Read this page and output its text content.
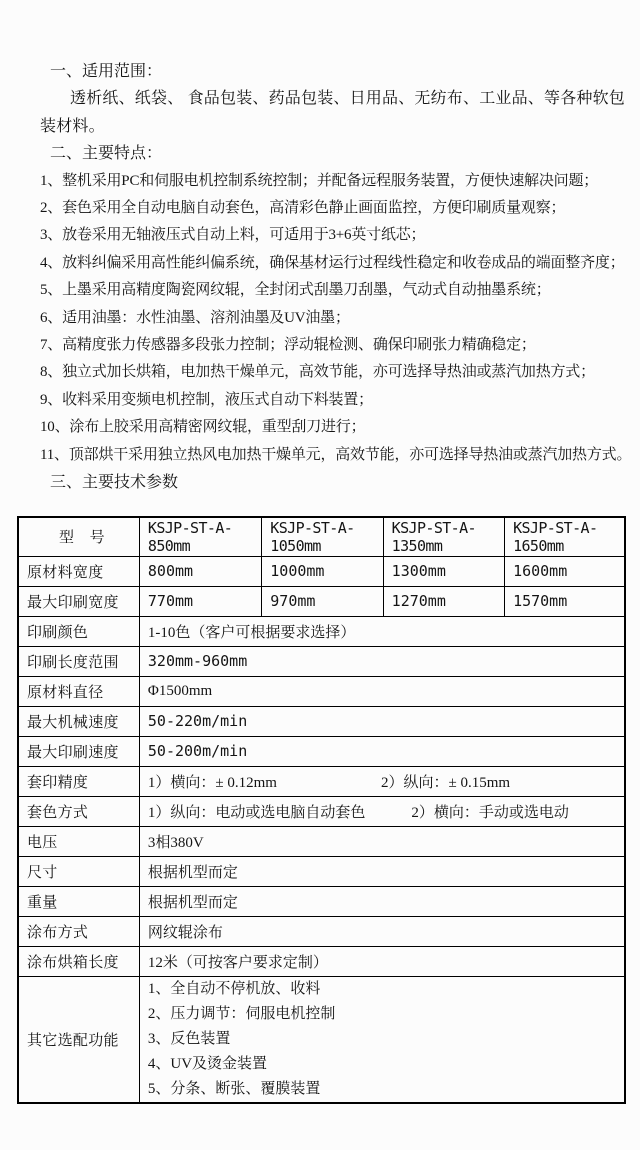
一、适用范围：

透析纸、纸袋、 食品包装、药品包装、日用品、无纺布、工业品、等各种软包装材料。

二、主要特点：
1、整机采用PC和伺服电机控制系统控制；并配备远程服务装置，方便快速解决问题；
2、套色采用全自动电脑自动套色，高清彩色静止画面监控，方便印刷质量观察；
3、放卷采用无轴液压式自动上料，可适用于3+6英寸纸芯；
4、放料纠偏采用高性能纠偏系统，确保基材运行过程线性稳定和收卷成品的端面整齐度；
5、上墨采用高精度陶瓷网纹辊，全封闭式刮墨刀刮墨，气动式自动抽墨系统；
6、适用油墨：水性油墨、溶剂油墨及UV油墨；
7、高精度张力传感器多段张力控制；浮动辊检测、确保印刷张力精确稳定；
8、独立式加长烘箱，电加热干燥单元，高效节能，亦可选择导热油或蒸汽加热方式；
9、收料采用变频电机控制，液压式自动下料装置；
10、涂布上胶采用高精密网纹辊，重型刮刀进行；
11、顶部烘干采用独立热风电加热干燥单元，高效节能，亦可选择导热油或蒸汽加热方式。
三、主要技术参数
型　号	KSJP-ST-A-850mm	KSJP-ST-A-1050mm	KSJP-ST-A-1350mm	KSJP-ST-A-1650mm
原材料宽度	800mm	1000mm	1300mm	1600mm
最大印刷宽度	770mm	970mm	1270mm	1570mm
印刷颜色	1-10色（客户可根据要求选择）			
印刷长度范围	320mm-960mm			
原材料直径	Φ1500mm			
最大机械速度	50-220m/min			
最大印刷速度	50-200m/min			
套印精度	1）横向：± 0.12mm 2）纵向：± 0.15mm			
套色方式	1）纵向：电动或选电脑自动套色 2）横向：手动或选电动			
电压	3相380V			
尺寸	根据机型而定			
重量	根据机型而定			
涂布方式	网纹辊涂布			
涂布烘箱长度	12米（可按客户要求定制）			
其它选配功能	1、全自动不停机放、收料
2、压力调节：伺服电机控制
3、反色装置
4、UV及烫金装置
5、分条、断张、覆膜装置			
